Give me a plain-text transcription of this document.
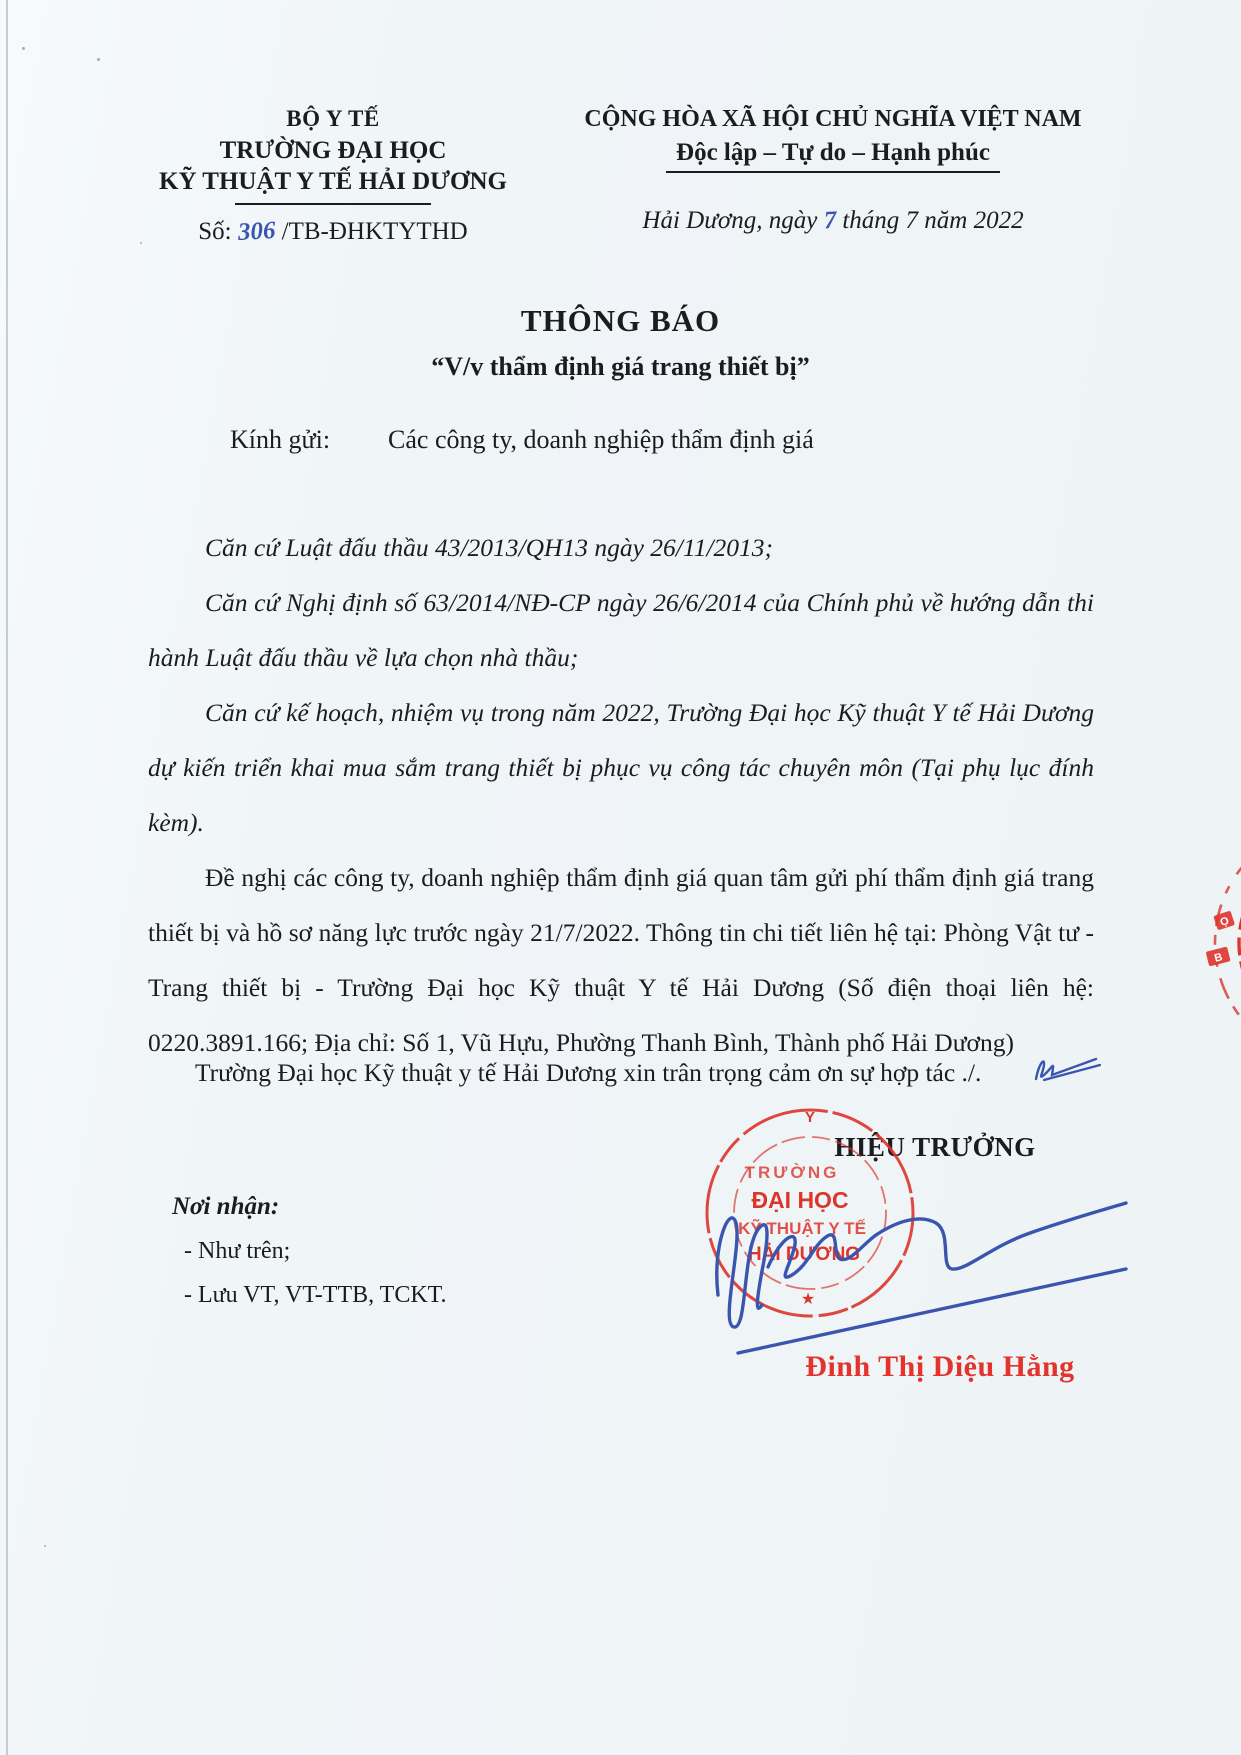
BỘ Y TẾ
TRƯỜNG ĐẠI HỌC
KỸ THUẬT Y TẾ HẢI DƯƠNG
Số: 306 /TB-ĐHKTYTHD
CỘNG HÒA XÃ HỘI CHỦ NGHĨA VIỆT NAM
Độc lập – Tự do – Hạnh phúc
Hải Dương, ngày 7 tháng 7 năm 2022
THÔNG BÁO
“V/v thẩm định giá trang thiết bị”
Kính gửi: Các công ty, doanh nghiệp thẩm định giá

Căn cứ Luật đấu thầu 43/2013/QH13 ngày 26/11/2013;

Căn cứ Nghị định số 63/2014/NĐ-CP ngày 26/6/2014 của Chính phủ về hướng dẫn thi hành Luật đấu thầu về lựa chọn nhà thầu;

Căn cứ kế hoạch, nhiệm vụ trong năm 2022, Trường Đại học Kỹ thuật Y tế Hải Dương dự kiến triển khai mua sắm trang thiết bị phục vụ công tác chuyên môn (Tại phụ lục đính kèm).

Đề nghị các công ty, doanh nghiệp thẩm định giá quan tâm gửi phí thẩm định giá trang thiết bị và hồ sơ năng lực trước ngày 21/7/2022. Thông tin chi tiết liên hệ tại: Phòng Vật tư - Trang thiết bị - Trường Đại học Kỹ thuật Y tế Hải Dương (Số điện thoại liên hệ: 0220.3891.166; Địa chỉ: Số 1, Vũ Hựu, Phường Thanh Bình, Thành phố Hải Dương)

Trường Đại học Kỹ thuật y tế Hải Dương xin trân trọng cảm ơn sự hợp tác ./.
HIỆU TRƯỞNG
Y
TRƯỜNG
ĐẠI HỌC
KỸ THUẬT Y TẾ
HẢI DƯƠNG
★
Đinh Thị Diệu Hằng
Nơi nhận:
- Như trên;
- Lưu VT, VT-TTB, TCKT.
Ọ
B
